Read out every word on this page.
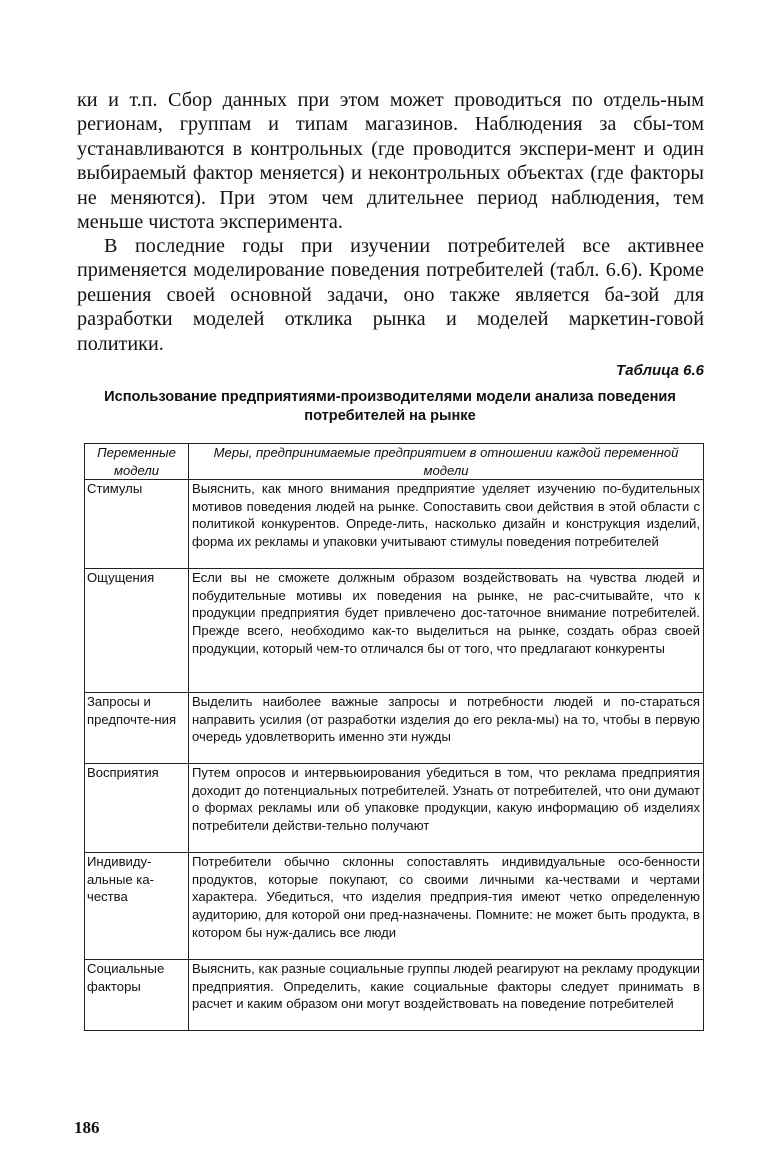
ки и т.п. Сбор данных при этом может проводиться по отдель-ным регионам, группам и типам магазинов. Наблюдения за сбы-том устанавливаются в контрольных (где проводится экспери-мент и один выбираемый фактор меняется) и неконтрольных объектах (где факторы не меняются). При этом чем длительнее период наблюдения, тем меньше чистота эксперимента.

В последние годы при изучении потребителей все активнее применяется моделирование поведения потребителей (табл. 6.6). Кроме решения своей основной задачи, оно также является ба-зой для разработки моделей отклика рынка и моделей маркетин-говой политики.

Таблица 6.6
Использование предприятиями-производителями модели анализа поведения потребителей на рынке
Переменные модели	Меры, предпринимаемые предприятием в отношении каждой переменной модели
Стимулы	Выяснить, как много внимания предприятие уделяет изучению по-будительных мотивов поведения людей на рынке. Сопоставить свои действия в этой области с политикой конкурентов. Опреде-лить, насколько дизайн и конструкция изделий, форма их рекламы и упаковки учитывают стимулы поведения потребителей
Ощущения	Если вы не сможете должным образом воздействовать на чувства людей и побудительные мотивы их поведения на рынке, не рас-считывайте, что к продукции предприятия будет привлечено дос-таточное внимание потребителей. Прежде всего, необходимо как-то выделиться на рынке, создать образ своей продукции, который чем-то отличался бы от того, что предлагают конкуренты
Запросы и предпочте-ния	Выделить наиболее важные запросы и потребности людей и по-стараться направить усилия (от разработки изделия до его рекла-мы) на то, чтобы в первую очередь удовлетворить именно эти нужды
Восприятия	Путем опросов и интервьюирования убедиться в том, что реклама предприятия доходит до потенциальных потребителей. Узнать от потребителей, что они думают о формах рекламы или об упаковке продукции, какую информацию об изделиях потребители действи-тельно получают
Индивиду-альные ка-чества	Потребители обычно склонны сопоставлять индивидуальные осо-бенности продуктов, которые покупают, со своими личными ка-чествами и чертами характера. Убедиться, что изделия предприя-тия имеют четко определенную аудиторию, для которой они пред-назначены. Помните: не может быть продукта, в котором бы нуж-дались все люди
Социальные факторы	Выяснить, как разные социальные группы людей реагируют на рекламу продукции предприятия. Определить, какие социальные факторы следует принимать в расчет и каким образом они могут воздействовать на поведение потребителей
186
